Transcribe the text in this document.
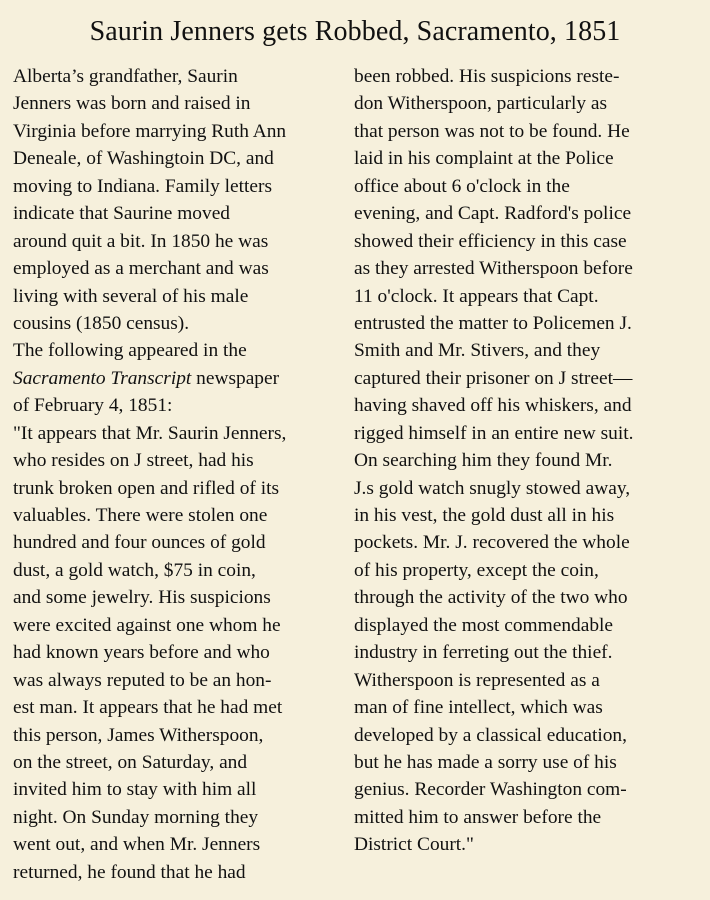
Saurin Jenners gets Robbed, Sacramento, 1851
Alberta’s grandfather, Saurin
Jenners was born and raised in
Virginia before marrying Ruth Ann
Deneale, of Washingtoin DC, and
moving to Indiana. Family letters
indicate that Saurine moved
around quit a bit. In 1850 he was
employed as a merchant and was
living with several of his male
cousins (1850 census).
The following appeared in the
Sacramento Transcript newspaper
of February 4, 1851:
"It appears that Mr. Saurin Jenners,
who resides on J street, had his
trunk broken open and rifled of its
valuables. There were stolen one
hundred and four ounces of gold
dust, a gold watch, $75 in coin,
and some jewelry. His suspicions
were excited against one whom he
had known years before and who
was always reputed to be an hon-
est man. It appears that he had met
this person, James Witherspoon,
on the street, on Saturday, and
invited him to stay with him all
night. On Sunday morning they
went out, and when Mr. Jenners
returned, he found that he had
been robbed. His suspicions reste-
don Witherspoon, particularly as
that person was not to be found. He
laid in his complaint at the Police
office about 6 o'clock in the
evening, and Capt. Radford's police
showed their efficiency in this case
as they arrested Witherspoon before
11 o'clock. It appears that Capt.
entrusted the matter to Policemen J.
Smith and Mr. Stivers, and they
captured their prisoner on J street—
having shaved off his whiskers, and
rigged himself in an entire new suit.
On searching him they found Mr.
J.s gold watch snugly stowed away,
in his vest, the gold dust all in his
pockets. Mr. J. recovered the whole
of his property, except the coin,
through the activity of the two who
displayed the most commendable
industry in ferreting out the thief.
Witherspoon is represented as a
man of fine intellect, which was
developed by a classical education,
but he has made a sorry use of his
genius. Recorder Washington com-
mitted him to answer before the
District Court."
